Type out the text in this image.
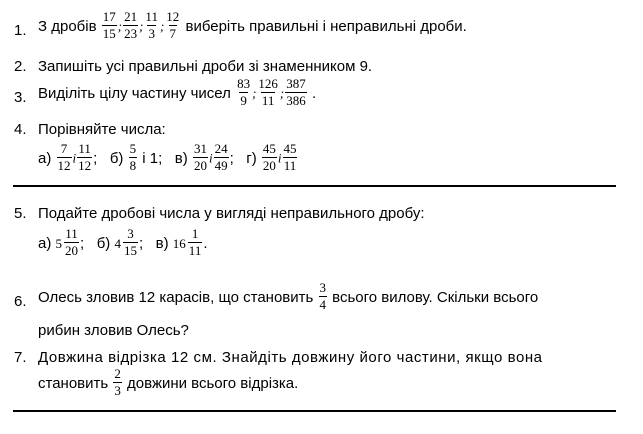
1. З дробів $\frac{17}{15}$ ; $\frac{21}{23}$ ; $\frac{11}{3}$ ; $\frac{12}{7}$ виберіть правильні і неправильні дроби.
2. Запишіть усі правильні дроби зі знаменником 9.
3. Виділіть цілу частину чисел $\frac{83}{9}$ ; $\frac{126}{11}$ ; $\frac{387}{386}$ .
4. Порівняйте числа:
$а) \frac{7}{12}$ і $\frac{11}{12}$ ; $б) \frac{5}{8}$ і 1; $в) \frac{31}{20}$ і $\frac{24}{49}$ ; $г) \frac{45}{20}$ і $\frac{45}{11}$
5. Подайте дробові числа у вигляді неправильного дробу:
а) $5 \frac{11}{20}$ ; б) $4 \frac{3}{15}$ ; в) $16 \frac{1}{11}$ .
6. Олесь зловив 12 карасів, що становить $\frac{3}{4}$ всього вилову. Скільки всього
рибин зловив Олесь?
7. Довжина відрізка 12 см. Знайдіть довжину його частини, якщо вона
становить $\frac{2}{3}$ довжини всього відрізка.
